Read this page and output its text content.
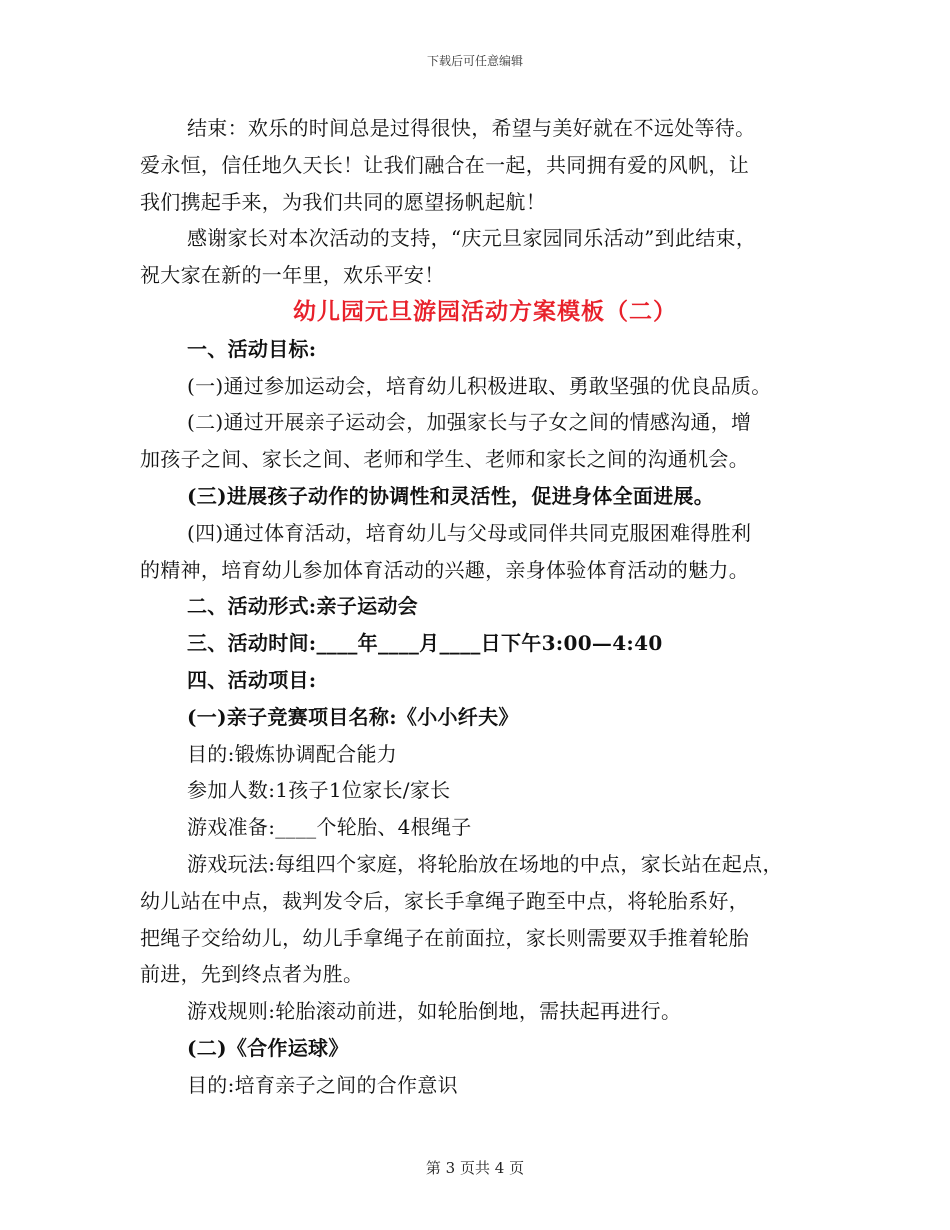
下载后可任意编辑

结束：欢乐的时间总是过得很快，希望与美好就在不远处等待。

爱永恒，信任地久天长！让我们融合在一起，共同拥有爱的风帆，让

我们携起手来，为我们共同的愿望扬帆起航！

感谢家长对本次活动的支持，“庆元旦家园同乐活动”到此结束，

祝大家在新的一年里，欢乐平安！

幼儿园元旦游园活动方案模板（二）

一、活动目标:

(一)通过参加运动会，培育幼儿积极进取、勇敢坚强的优良品质。

(二)通过开展亲子运动会，加强家长与子女之间的情感沟通，增

加孩子之间、家长之间、老师和学生、老师和家长之间的沟通机会。

(三)进展孩子动作的协调性和灵活性，促进身体全面进展。

(四)通过体育活动，培育幼儿与父母或同伴共同克服困难得胜利

的精神，培育幼儿参加体育活动的兴趣，亲身体验体育活动的魅力。

二、活动形式:亲子运动会

三、活动时间:____年____月____日下午3:00—4:40

四、活动项目:

(一)亲子竞赛项目名称:《小小纤夫》

目的:锻炼协调配合能力

参加人数:1孩子1位家长/家长

游戏准备:____个轮胎、4根绳子

游戏玩法:每组四个家庭，将轮胎放在场地的中点，家长站在起点，

幼儿站在中点，裁判发令后，家长手拿绳子跑至中点，将轮胎系好，

把绳子交给幼儿，幼儿手拿绳子在前面拉，家长则需要双手推着轮胎

前进，先到终点者为胜。

游戏规则:轮胎滚动前进，如轮胎倒地，需扶起再进行。

(二)《合作运球》

目的:培育亲子之间的合作意识

第 3 页共 4 页
